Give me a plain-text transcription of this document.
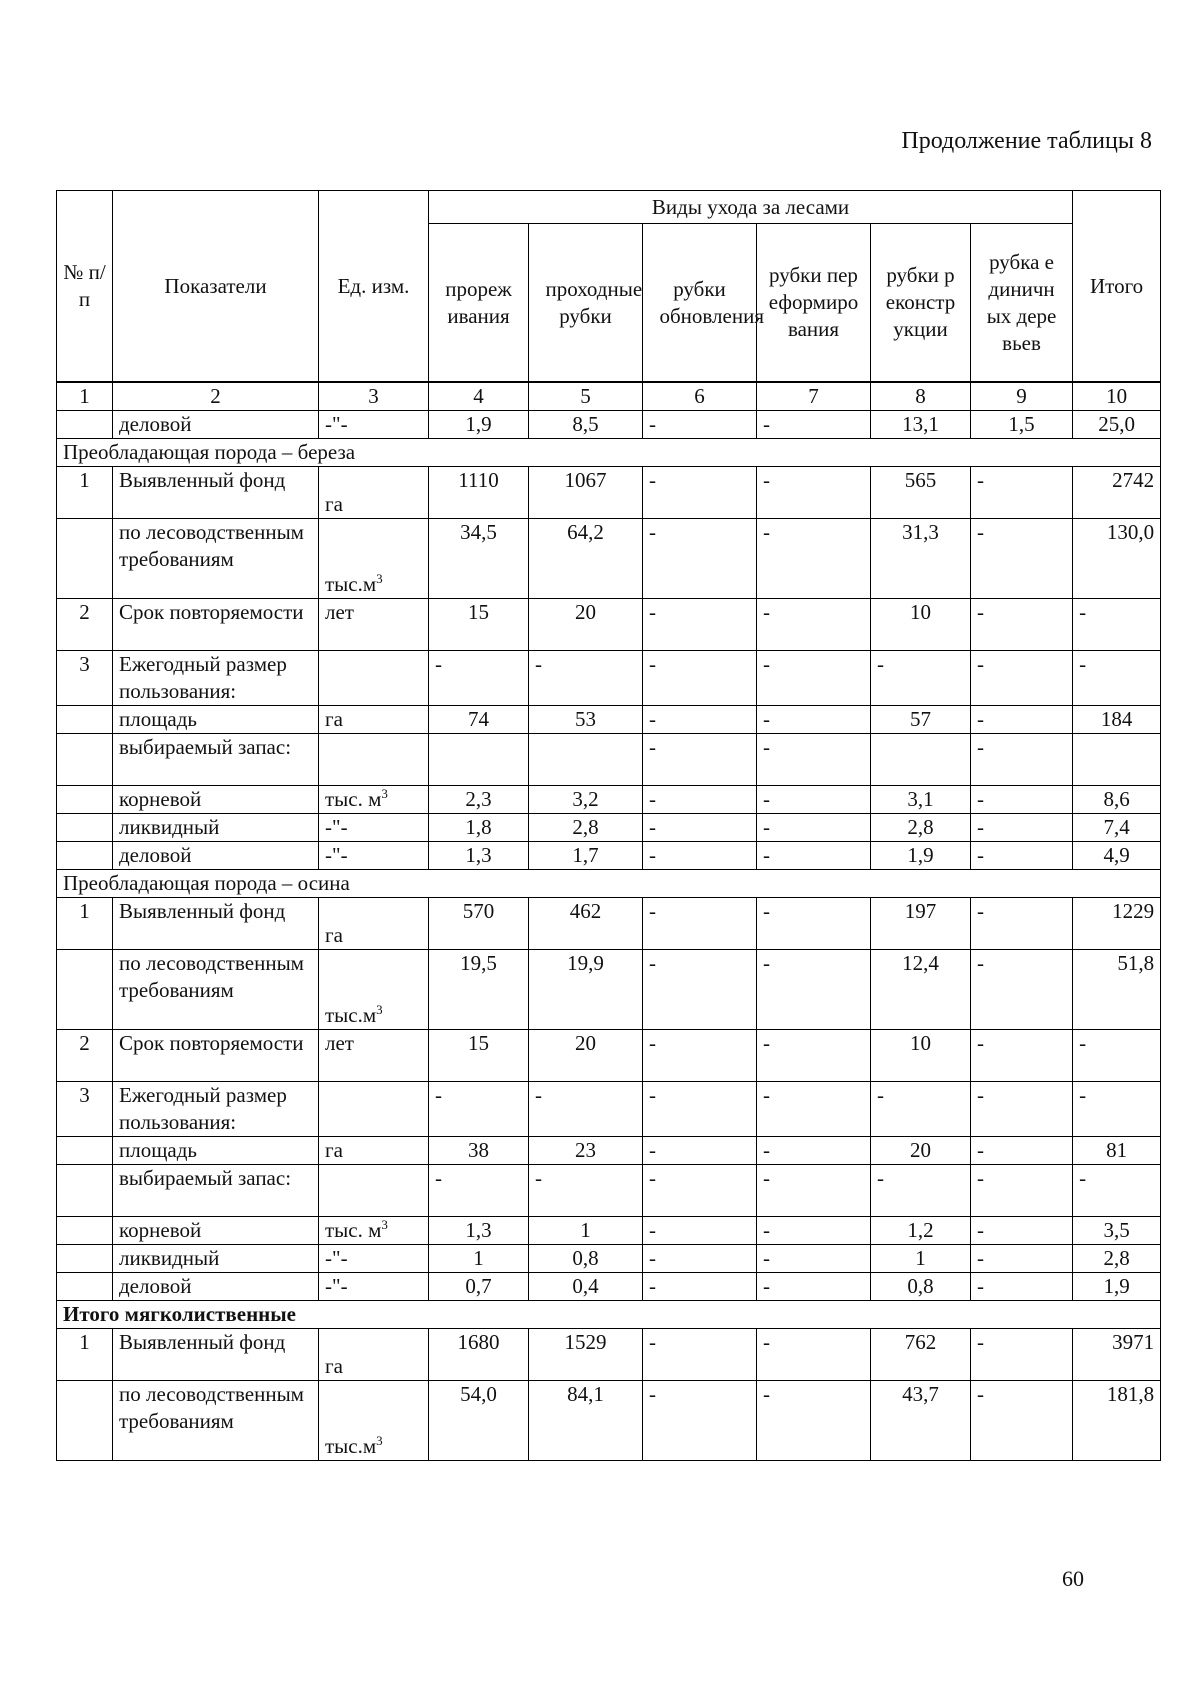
Продолжение таблицы 8
№ п/п	Показатели	Ед. изм.	Виды ухода за лесами						Итого
			прореживания	проходные рубки	рубки обновления	рубки переформирования	рубки реконструкции	рубка единичных деревьев	
1	2	3	4	5	6	7	8	9	10
	деловой	-"-	1,9	8,5	-	-	13,1	1,5	25,0
Преобладающая порода – береза									
1	Выявленный фонд	га	1110	1067	-	-	565	-	2742
	по лесоводственным требованиям	$тыс.м^3$	34,5	64,2	-	-	31,3	-	130,0
2	Срок повторяемости	лет	15	20	-	-	10	-	-
3	Ежегодный размер пользования:		-	-	-	-	-	-	-
	площадь	га	74	53	-	-	57	-	184
	выбираемый запас:				-	-		-	
	корневой	тыс. $м^3$	2,3	3,2	-	-	3,1	-	8,6
	ликвидный	-"-	1,8	2,8	-	-	2,8	-	7,4
	деловой	-"-	1,3	1,7	-	-	1,9	-	4,9
Преобладающая порода – осина									
1	Выявленный фонд	га	570	462	-	-	197	-	1229
	по лесоводственным требованиям	$тыс.м^3$	19,5	19,9	-	-	12,4	-	51,8
2	Срок повторяемости	лет	15	20	-	-	10	-	-
3	Ежегодный размер пользования:		-	-	-	-	-	-	-
	площадь	га	38	23	-	-	20	-	81
	выбираемый запас:		-	-	-	-	-	-	-
	корневой	тыс. $м^3$	1,3	1	-	-	1,2	-	3,5
	ликвидный	-"-	1	0,8	-	-	1	-	2,8
	деловой	-"-	0,7	0,4	-	-	0,8	-	1,9
Итого мягколиственные									
1	Выявленный фонд	га	1680	1529	-	-	762	-	3971
	по лесоводственным требованиям	$тыс.м^3$	54,0	84,1	-	-	43,7	-	181,8
60
